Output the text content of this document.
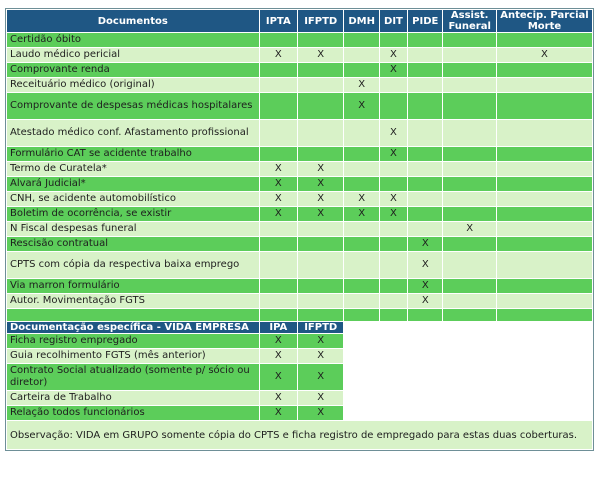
Documentos	IPTA	IFPTD	DMH	DIT	PIDE	Assist. Funeral	Antecip. Parcial Morte
Certidão óbito							
Laudo médico pericial	X	X		X			X
Comprovante renda				X			
Receituário médico (original)			X				
Comprovante de despesas médicas hospitalares			X				
Atestado médico conf. Afastamento profissional				X			
Formulário CAT se acidente trabalho				X			
Termo de Curatela*	X	X					
Alvará Judicial*	X	X					
CNH, se acidente automobilístico	X	X	X	X			
Boletim de ocorrência, se existir	X	X	X	X			
N Fiscal despesas funeral						X	
Rescisão contratual					X		
CPTS com cópia da respectiva baixa emprego					X		
Via marron formulário					X		
Autor. Movimentação FGTS					X		

Documentação específica - VIDA EMPRESA	IPA	IFPTD					
Ficha registro empregado	X	X					
Guia recolhimento FGTS (mês anterior)	X	X					
Contrato Social atualizado (somente p/ sócio ou diretor)	X	X					
Carteira de Trabalho	X	X					
Relação todos funcionários	X	X					
Observação: VIDA em GRUPO somente cópia do CPTS e ficha registro de empregado para estas duas coberturas.							
